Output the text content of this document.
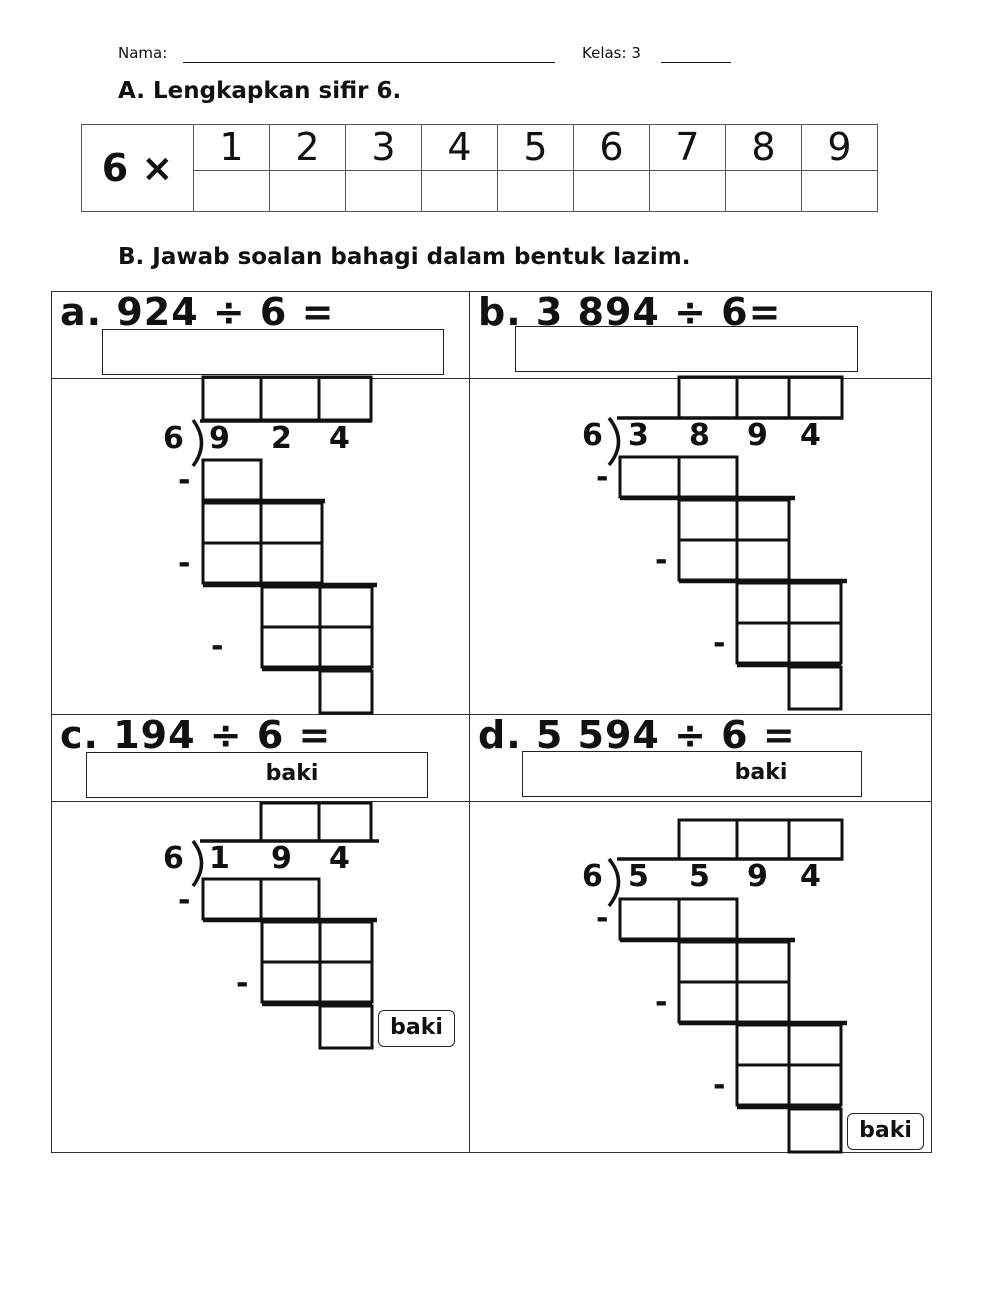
Nama:	Kelas: 3
A. Lengkapkan sifir 6.
6 ×	1	2	3	4	5	6	7	8	9

B. Jawab soalan bahagi dalam bentuk lazim.
a. 924 ÷ 6 =	b. 3 894 ÷ 6=
c. 194 ÷ 6 =	d. 5 594 ÷ 6 =
baki	baki
6 9 2 4
-
-
-
6 3 8 9 4
-
-
-
6 1 9 4
-
-
6 5 5 9 4
-
-
-
baki
baki
